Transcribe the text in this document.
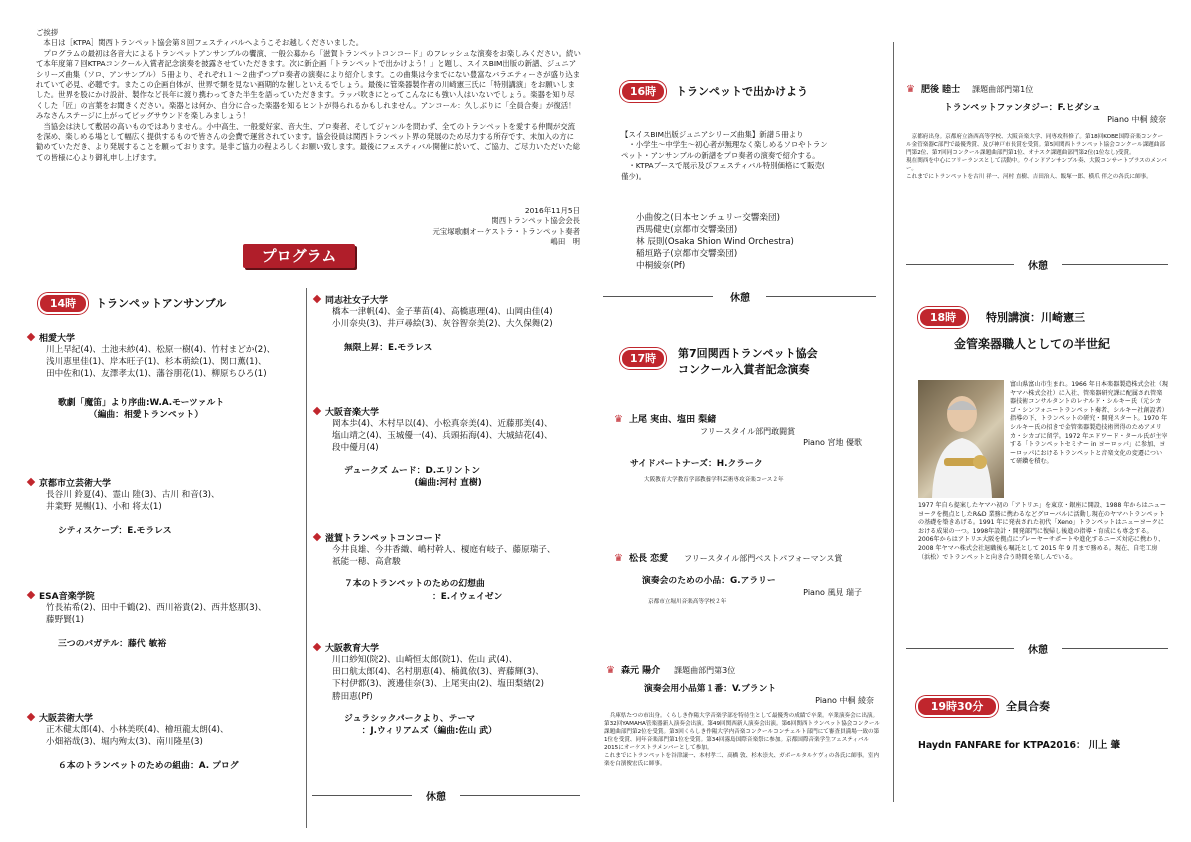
ご挨拶
　本日は［KTPA］関西トランペット協会第８回フェスティバルへようこそお越しくださいました。
　プログラムの最初は各音大によるトランペットアンサンブルの饗演、一般公募から「滋賀トランペットコンコード」のフレッシュな演奏をお楽しみください。続いて本年度第７回KTPAコンクール入賞者記念演奏を披露させていただきます。次に新企画「トランペットで出かけよう！」と題し、スイスBIM出版の新譜、ジュニアシリーズ曲集（ソロ、アンサンブル）５冊より、それぞれ１〜２曲ずつプロ奏者の演奏により紹介します。この曲集は今までにない豊富なバラエティーさが盛り込まれていて必見、必聴です。またこの企画自体が、世界で類を見ない画期的な催しといえるでしょう。最後に管楽器製作者の川崎憲三氏に「特別講演」をお願いしました。世界を股にかけ設計、製作など長年に渡り携わってきた半生を語っていただきます。ラッパ吹きにとってこんなにも強い人はいないでしょう。楽器を知り尽くした「匠」の言葉をお聞きください。楽器とは何か、自分に合った楽器を知るヒントが得られるかもしれません。アンコール：久しぶりに「全員合奏」が復活！みなさんステージに上がってビッグサウンドを楽しみましょう！
　当協会は決して敷居の高いものではありません。小中高生、一般愛好家、音大生、プロ奏者、そしてジャンルを問わず、全てのトランペットを愛する仲間が交流を深め、楽しめる場として幅広く提供するもので皆さんの会費で運営されています。協会役員は関西トランペット界の発展のため尽力する所存です、未加入の方に勧めていただき、より発展することを願っております。是非ご協力の程よろしくお願い致します。最後にフェスティバル開催に於いて、ご協力、ご尽力いただいた総ての皆様に心より御礼申し上げます。
2016年11月5日
関西トランペット協会会長
元宝塚歌劇オーケストラ・トランペット奏者
嶋田　明
プログラム
14時	トランペットアンサンブル
相愛大学
川上早紀(4)、土池未紗(4)、松原一樹(4)、竹村まどか(2)、
浅川恵里佳(1)、岸本旺子(1)、杉本萌絵(1)、関口薫(1)、
田中佐和(1)、友澤孝太(1)、藩谷朋花(1)、柳原ちひろ(1)
歌劇「魔笛」より序曲:W.A.モーツァルト
　　　　（編曲：相愛トランペット）
京都市立芸術大学
長谷川 鈴夏(4)、霊山 陸(3)、古川 和音(3)、
井業野 晃暢(1)、小和 将太(1)
シティスケープ：E.モラレス
ESA音楽学院
竹長祐希(2)、田中千鶴(2)、西川裕貴(2)、西井悠那(3)、
藤野賢(1)
三つのバガテル：藤代 敏裕
大阪芸術大学
正木健太郎(4)、小林美咲(4)、檜垣龍太朗(4)、
小畑裕哉(3)、堀内殉太(3)、南川隆星(3)
６本のトランペットのための組曲：A. プログ
同志社女子大学
橋本一津帆(4)、金子華苗(4)、高橋恵理(4)、山岡由佳(4)
小川奈央(3)、井戸尋絵(3)、灰谷智奈美(2)、大久保舞(2)
無限上昇：E.モラレス
大阪音楽大学
岡本歩(4)、木村早以(4)、小松真奈美(4)、近藤那美(4)、
塩山靖之(4)、玉城優一(4)、兵頭拓海(4)、大城結花(4)、
段中優月(4)
デュークズ ムード：D.エリントン
　　　　　　　　(編曲:河村 直樹)
滋賀トランペットコンコード
今井良雄、今井香織、嶋村幹人、榎庭有岐子、藤原瑞子、
祇能一穂、高倉駿
７本のトランペットのための幻想曲
　　　　　　　　　　：E.イウェイゼン
大阪教育大学
川口紗知(院2)、山崎恒太郎(院1)、佐山 武(4)、
田口航太郎(4)、名村朋恵(4)、楠眞依(3)、齊藤輝(3)、
下村伊都(3)、渡邊佳奈(3)、上尾実由(2)、塩田梨緒(2)
勝田恵(Pf)
ジュラシックパークより、テーマ
　　：J.ウィリアムズ（編曲:佐山 武）
休憩
16時	トランペットで出かけよう
【スイスBIM出版ジュニアシリーズ曲集】新譜５冊より
　・小学生〜中学生〜初心者が無理なく楽しめるソロやトラン
ペット・アンサンブルの新譜をプロ奏者の演奏で紹介する。
　・KTPAブースで展示及びフェスティバル特別価格にて販売(
僅少)。
小曲俊之(日本センチュリー交響楽団)
西馬健史(京都市交響楽団)
林 辰則(Osaka Shion Wind Orchestra)
稲垣路子(京都市交響楽団)
中桐綾奈(Pf)
休憩
17時	第7回関西トランペット協会
コンクール入賞者記念演奏
♛ 上尾 実由、塩田 梨緒
フリースタイル部門敢闘賞
Piano 宮地 優歌
サイドパートナーズ：H.クラーク
大阪教育大学教育学部教養学科芸術専攻音楽コース２年
♛ 松長 恋愛 フリースタイル部門ベストパフォーマンス賞
演奏会のための小品：G.アラリー
Piano 風見 瑞子
京都市立堀川音楽高等学校２年
♛ 森元 陽介 課題曲部門第3位
演奏会用小品第１番：V.ブラント
Piano 中桐 綾奈
　兵庫県たつの市出身。くらしき作陽大学音楽学部を特待生として最優秀の成績で卒業。卒業演奏会に出演。第32回YAMAHA管楽器新人演奏会出演。第49回関西新人演奏会出演。第6回関西トランペット協会コンクール課題曲部門第2位を受賞。第3回くらしき作陽大学内音楽コンクールコンチェルト部門にて審査員満場一致の第1位を受賞、同年音楽部門第1位を受賞。第34回霧島国際音楽祭に参加。京都国際音楽学生フェスティバル2015にオーケストラメンバーとして参加。
これまでにトランペットを谷津譲一、本村孝二、高橋 敦、杉木崇夫、ガボールタルケヴィの各氏に師事。室内楽を白濱俊宏氏に師事。
♛ 肥後 睦士 課題曲部門第1位
トランペットファンタジー：F.ヒダシュ
Piano 中桐 綾奈
　京都府出身。京都府立洛西高等学校、大阪音楽大学、同専攻科修了。第18回KOBE国際音楽コンクール金管楽器C部門で最優秀賞、及び神戸市長賞を受賞。第5回関西トランペット協会コンクール課題曲部門第2位、第7回同コンクール課題曲部門第1位、オナスク課題曲部門第2位(1位なし)受賞。
現在関西を中心にフリーランスとして活動中。ウインドアンサンブル奏、大阪コンサートブラスのメンバー。
これまでにトランペットを古川 祥一、河村 直樹、吉田治人、飯塚一郎、横爪 伴之の各氏に師事。
休憩
18時	特別講演：川崎憲三
金管楽器職人としての半世紀
富山県富山市生まれ。1966 年日本楽器製造株式会社（現ヤマハ株式会社）に入社、管楽器研究課に配属され管楽器技術コンサルタントのレナルド・シルキー氏（元シカゴ・シンフォニートランペット奏者、シルキー社創設者）指導の下、トランペットの研究・開発スタート。1970 年シルキー氏の招きで金管楽器製造技術習得のためアメリカ・シカゴに留学。1972 年エドワード・タール氏が主宰する「トランペットセミナー in ヨーロッパ」に参加、ヨーロッパにおけるトランペットと音楽文化の変遷について研鑽を積む。
1977 年自ら提案したヤマハ初の「アトリエ」を東京・銀座に開設、1988 年からはニューヨークを拠点としたR&D 業務に携わるなどグローバルに活動し現在のヤマハトランペットの基礎を築きあげる。1991 年に発表された初代「Xeno」トランペットはニューヨークにおける成果の一つ。1998年設計・開発部門に復帰し後進の指導・育成にも専念する。2006年からはアトリエ大阪を拠点にプレーヤーサポートや進化するニーズ対応に携わり、2008 年ヤマハ株式会社退職後も嘱託として 2015 年 9 月まで務める。現在、自宅工房（浜松）でトランペットと向き合う時間を楽しんでいる。
休憩
19時30分	全員合奏
Haydn FANFARE for KTPA2016： 川上 肇
